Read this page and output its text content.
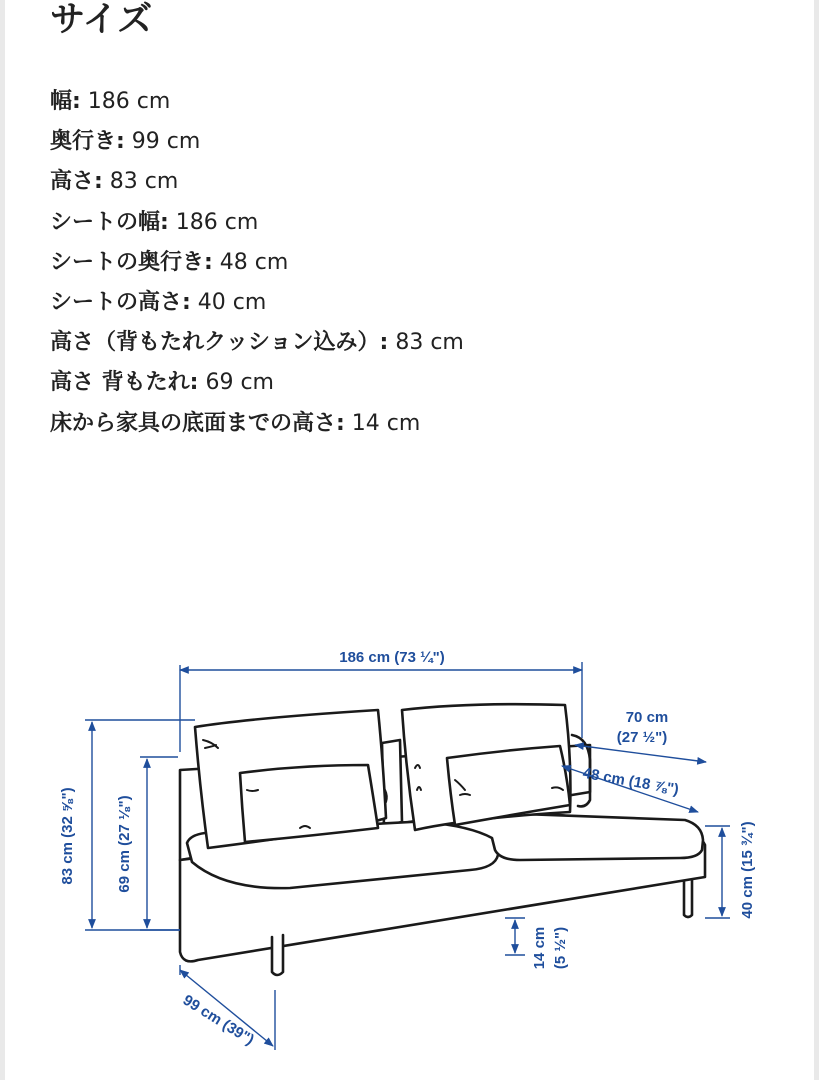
サイズ
幅: 186 cm
奥行き: 99 cm
高さ: 83 cm
シートの幅: 186 cm
シートの奥行き: 48 cm
シートの高さ: 40 cm
高さ（背もたれクッション込み）: 83 cm
高さ 背もたれ: 69 cm
床から家具の底面までの高さ: 14 cm
186 cm (73 ¼")
70 cm
(27 ½")
48 cm (18 ⅞")
83 cm (32 ⅝")	69 cm (27 ⅛")	40 cm (15 ¾")
14 cm (5 ½")
99 cm (39")
